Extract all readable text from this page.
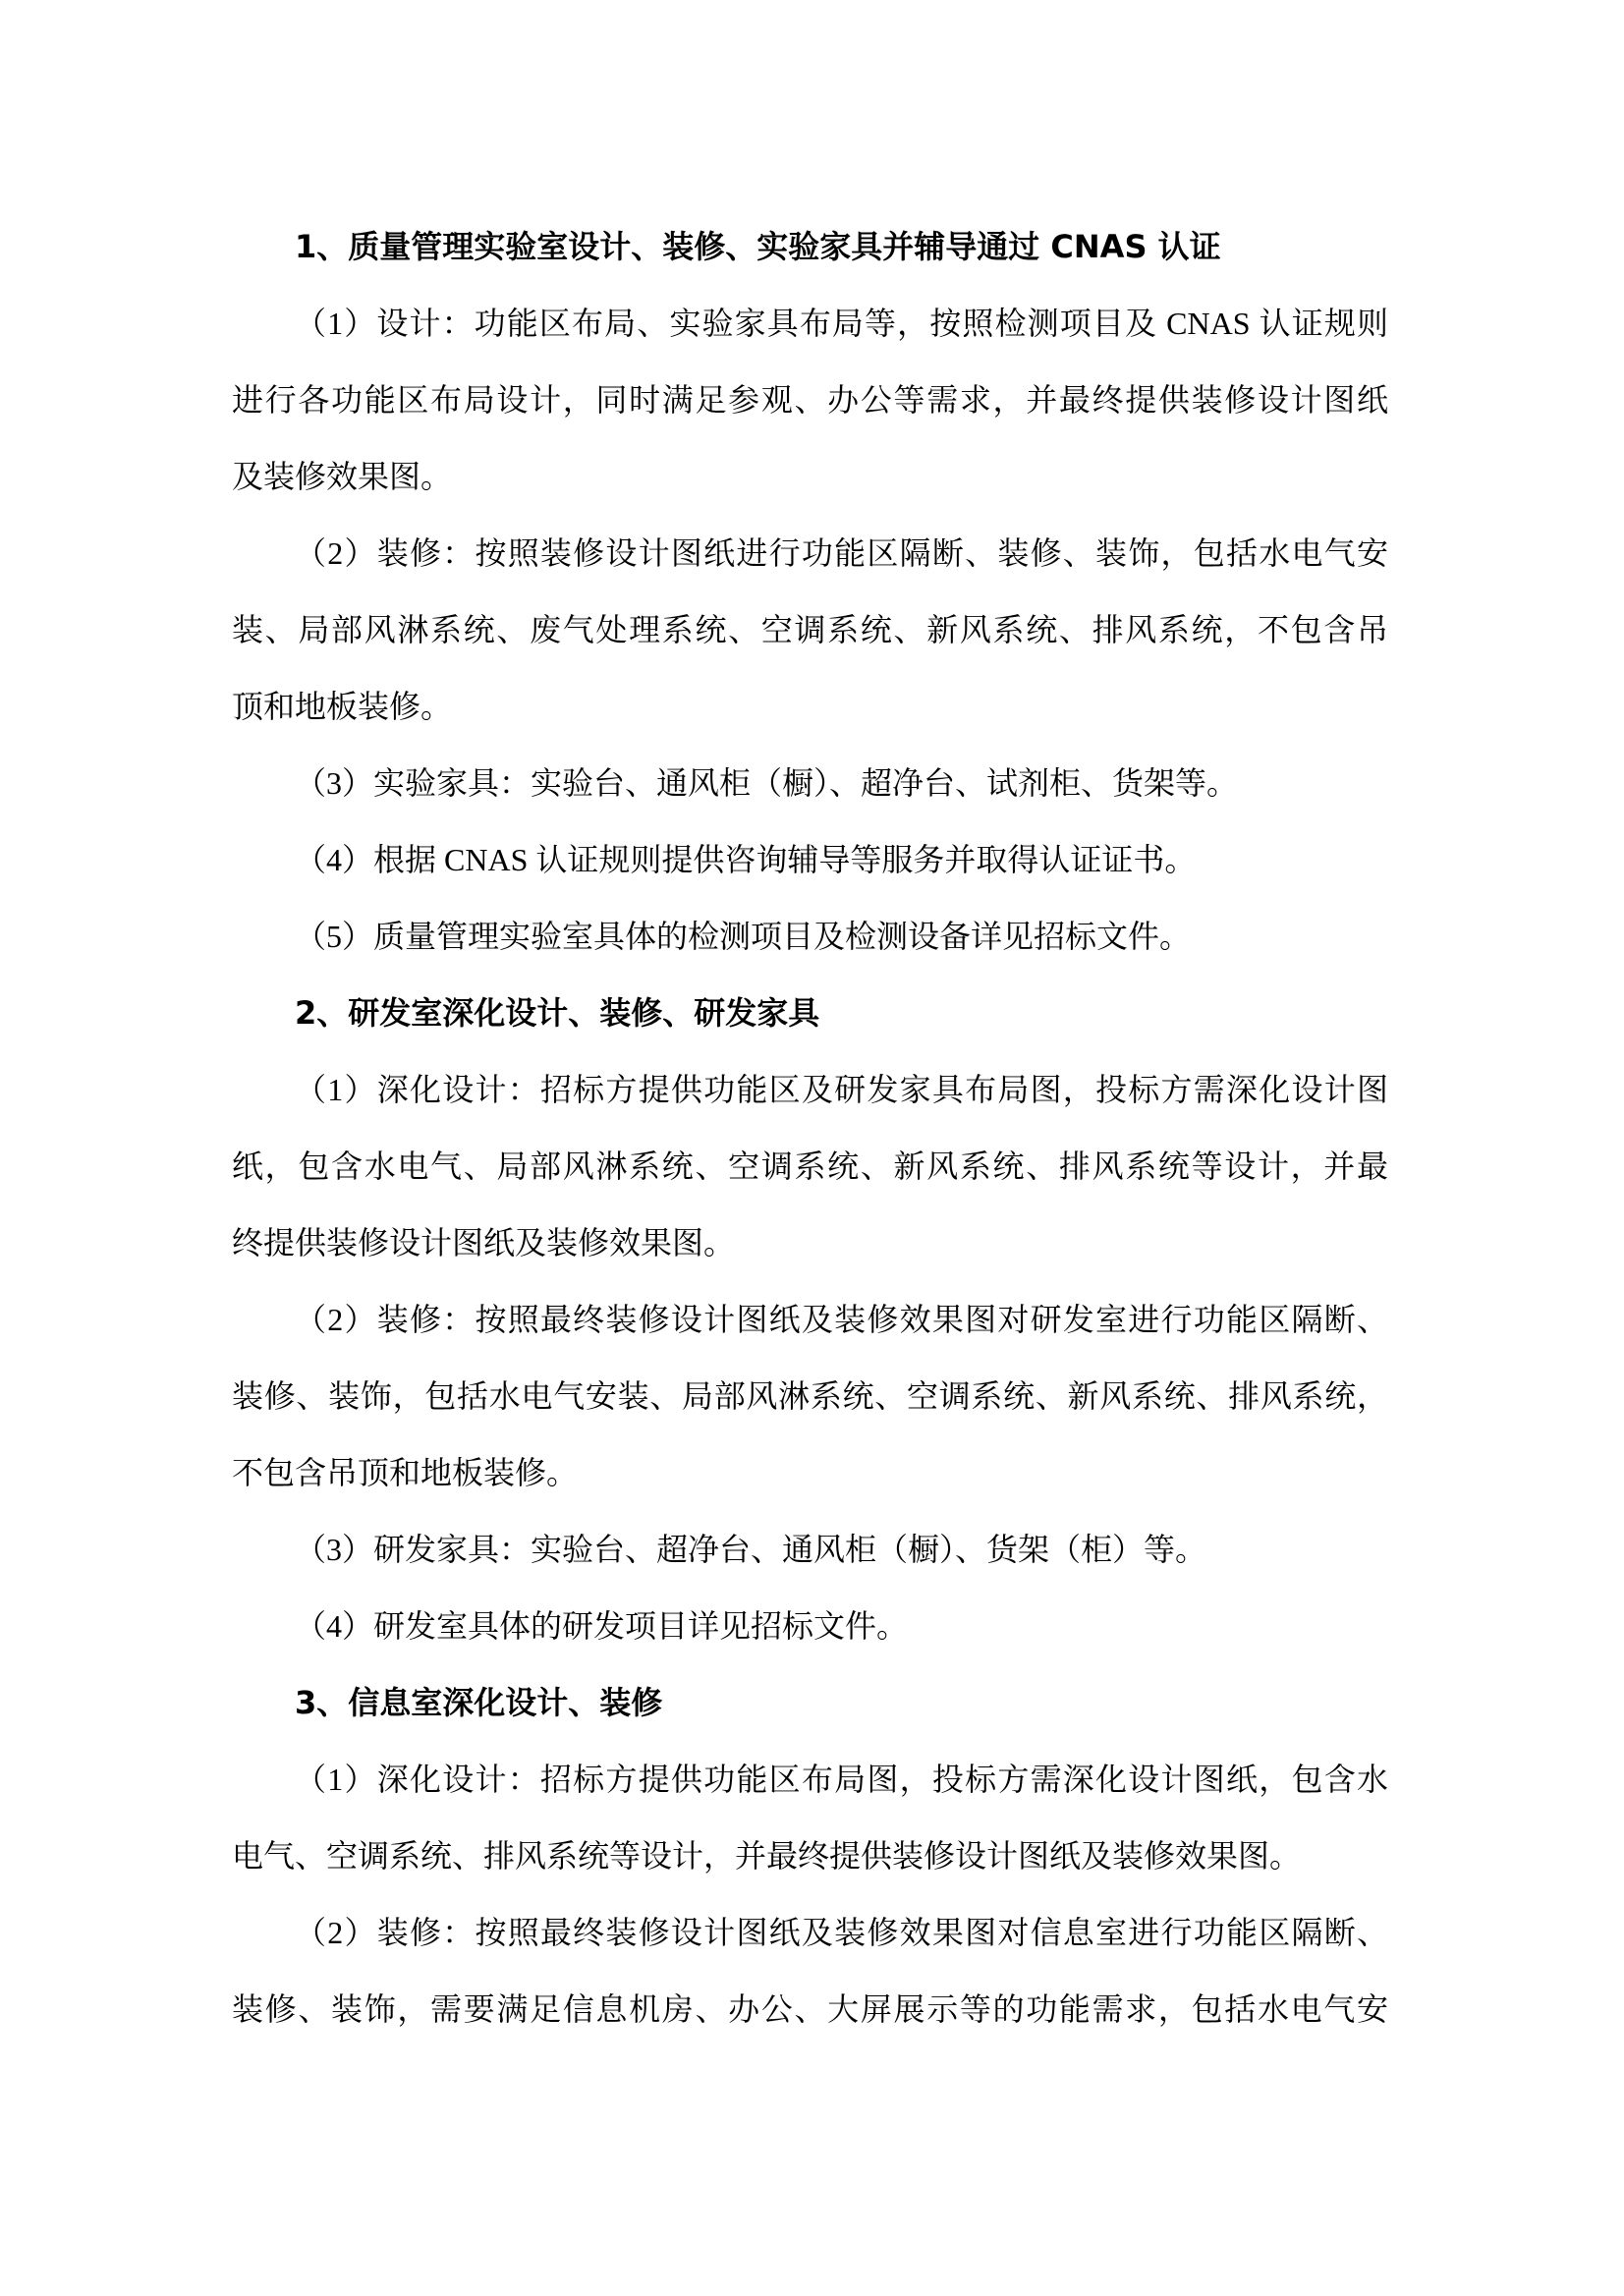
1、质量管理实验室设计、装修、实验家具并辅导通过 CNAS 认证
（1）设计：功能区布局、实验家具布局等，按照检测项目及 CNAS 认证规则
进行各功能区布局设计，同时满足参观、办公等需求，并最终提供装修设计图纸
及装修效果图。
（2）装修：按照装修设计图纸进行功能区隔断、装修、装饰，包括水电气安
装、局部风淋系统、废气处理系统、空调系统、新风系统、排风系统，不包含吊
顶和地板装修。
（3）实验家具：实验台、通风柜（橱）、超净台、试剂柜、货架等。
（4）根据 CNAS 认证规则提供咨询辅导等服务并取得认证证书。
（5）质量管理实验室具体的检测项目及检测设备详见招标文件。
2、研发室深化设计、装修、研发家具
（1）深化设计：招标方提供功能区及研发家具布局图，投标方需深化设计图
纸，包含水电气、局部风淋系统、空调系统、新风系统、排风系统等设计，并最
终提供装修设计图纸及装修效果图。
（2）装修：按照最终装修设计图纸及装修效果图对研发室进行功能区隔断、
装修、装饰，包括水电气安装、局部风淋系统、空调系统、新风系统、排风系统，
不包含吊顶和地板装修。
（3）研发家具：实验台、超净台、通风柜（橱）、货架（柜）等。
（4）研发室具体的研发项目详见招标文件。
3、信息室深化设计、装修
（1）深化设计：招标方提供功能区布局图，投标方需深化设计图纸，包含水
电气、空调系统、排风系统等设计，并最终提供装修设计图纸及装修效果图。
（2）装修：按照最终装修设计图纸及装修效果图对信息室进行功能区隔断、
装修、装饰，需要满足信息机房、办公、大屏展示等的功能需求，包括水电气安
